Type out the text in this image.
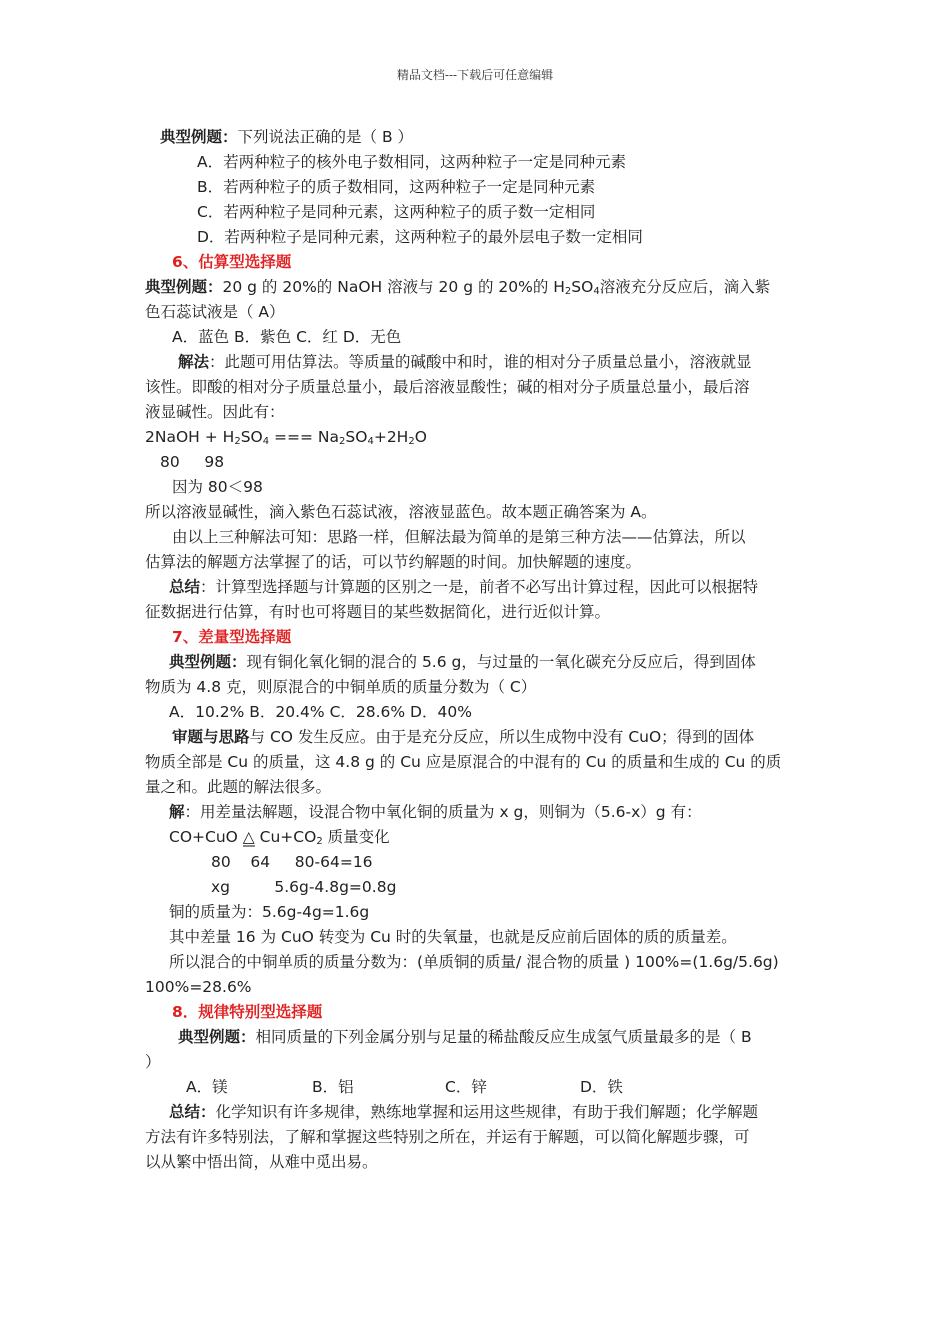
精品文档---下载后可任意编辑
典型例题：下列说法正确的是（ B ）
A．若两种粒子的核外电子数相同，这两种粒子一定是同种元素
B．若两种粒子的质子数相同，这两种粒子一定是同种元素
C．若两种粒子是同种元素，这两种粒子的质子数一定相同
D．若两种粒子是同种元素，这两种粒子的最外层电子数一定相同
6、估算型选择题
典型例题：20 g 的 20%的 NaOH 溶液与 20 g 的 20%的 $H_2SO_4$溶液充分反应后，滴入紫
色石蕊试液是（ A）
A．蓝色 B．紫色 C．红 D．无色
解法：此题可用估算法。等质量的碱酸中和时，谁的相对分子质量总量小，溶液就显
该性。即酸的相对分子质量总量小，最后溶液显酸性；碱的相对分子质量总量小，最后溶
液显碱性。因此有：
2NaOH + $H_2SO_4$ === $Na_2SO_4+2H_2O$
80     98
因为 80＜98
所以溶液显碱性，滴入紫色石蕊试液，溶液显蓝色。故本题正确答案为 A。
由以上三种解法可知：思路一样，但解法最为简单的是第三种方法——估算法，所以
估算法的解题方法掌握了的话，可以节约解题的时间。加快解题的速度。
总结：计算型选择题与计算题的区别之一是，前者不必写出计算过程，因此可以根据特
征数据进行估算，有时也可将题目的某些数据简化，进行近似计算。
7、差量型选择题
典型例题：现有铜化氧化铜的混合的 5.6 g，与过量的一氧化碳充分反应后，得到固体
物质为 4.8 克，则原混合的中铜单质的质量分数为（ C）
A．10.2% B．20.4% C．28.6% D．40%
审题与思路与 CO 发生反应。由于是充分反应，所以生成物中没有 CuO；得到的固体
物质全部是 Cu 的质量，这 4.8 g 的 Cu 应是原混合的中混有的 Cu 的质量和生成的 Cu 的质
量之和。此题的解法很多。
解：用差量法解题，设混合物中氧化铜的质量为 x g，则铜为（5.6-x）g 有：
CO+CuO △ $Cu+CO_2$ 质量变化
80    64     80-64=16
xg         5.6g-4.8g=0.8g
铜的质量为：5.6g-4g=1.6g
其中差量 16 为 CuO 转变为 Cu 时的失氧量，也就是反应前后固体的质的质量差。
所以混合的中铜单质的质量分数为：(单质铜的质量/ 混合物的质量 ) 100%=(1.6g/5.6g)
100%=28.6%
8．规律特别型选择题
典型例题：相同质量的下列金属分别与足量的稀盐酸反应生成氢气质量最多的是（ B
）
A．镁	B．铝	C．锌	D．铁
总结：化学知识有许多规律，熟练地掌握和运用这些规律，有助于我们解题；化学解题
方法有许多特别法，了解和掌握这些特别之所在，并运有于解题，可以简化解题步骤，可
以从繁中悟出简，从难中觅出易。
